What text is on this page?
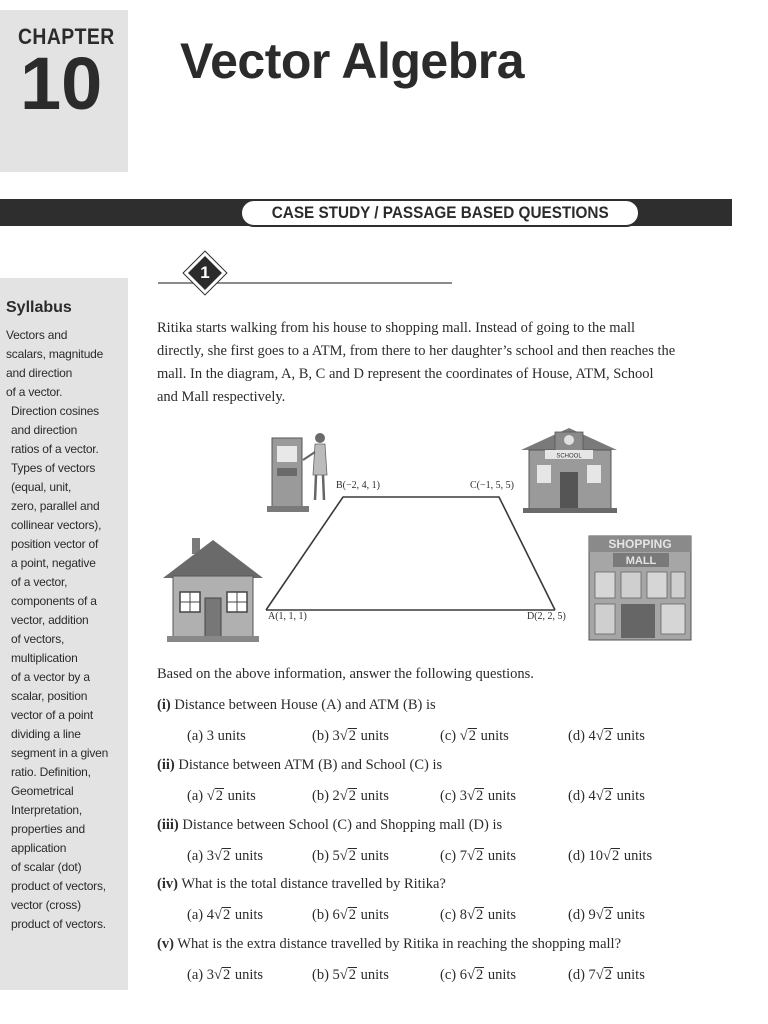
CHAPTER
10 Vector Algebra
CASE STUDY / PASSAGE BASED QUESTIONS
Syllabus
Vectors and
scalars, magnitude
and direction
of a vector.
Direction cosines
and direction
ratios of a vector.
Types of vectors
(equal, unit,
zero, parallel and
collinear vectors),
position vector of
a point, negative
of a vector,
components of a
vector, addition
of vectors,
multiplication
of a vector by a
scalar, position
vector of a point
dividing a line
segment in a given
ratio. Definition,
Geometrical
Interpretation,
properties and
application
of scalar (dot)
product of vectors,
vector (cross)
product of vectors.
1
Ritika starts walking from his house to shopping mall. Instead of going to the mall
directly, she first goes to a ATM, from there to her daughter’s school and then reaches the
mall. In the diagram, A, B, C and D represent the coordinates of House, ATM, School
and Mall respectively.
SCHOOL
SHOPPING
MALL
A(1, 1, 1)
B(−2, 4, 1)	C(−1, 5, 5)
D(2, 2, 5)
Based on the above information, answer the following questions.
(i) Distance between House (A) and ATM (B) is
(a) 3 units	(b) 3√2 units	(c) √2 units	(d) 4√2 units
(ii) Distance between ATM (B) and School (C) is
(a) √2 units	(b) 2√2 units	(c) 3√2 units	(d) 4√2 units
(iii) Distance between School (C) and Shopping mall (D) is
(a) 3√2 units	(b) 5√2 units	(c) 7√2 units	(d) 10√2 units
(iv) What is the total distance travelled by Ritika?
(a) 4√2 units	(b) 6√2 units	(c) 8√2 units	(d) 9√2 units
(v) What is the extra distance travelled by Ritika in reaching the shopping mall?
(a) 3√2 units	(b) 5√2 units	(c) 6√2 units	(d) 7√2 units
